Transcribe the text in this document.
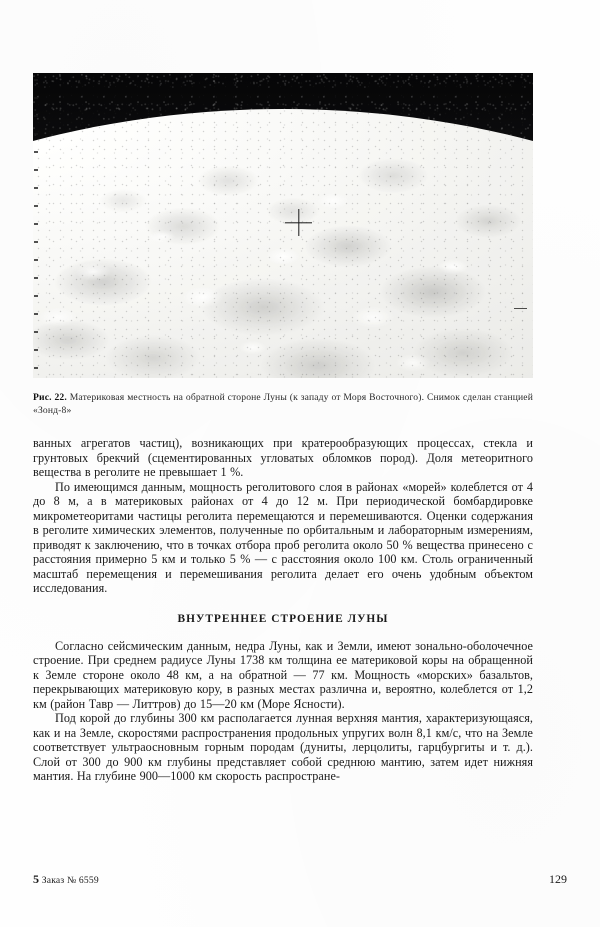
Рис. 22. Материковая местность на обратной стороне Луны (к западу от Моря Восточного). Снимок сделан станцией «Зонд-8»

ванных агрегатов частиц), возникающих при кратерообразующих процессах, стекла и грунтовых брекчий (сцементированных угловатых обломков пород). Доля метеоритного вещества в реголите не превышает 1 %.

По имеющимся данным, мощность реголитового слоя в районах «морей» колеблется от 4 до 8 м, а в материковых районах от 4 до 12 м. При периодической бомбардировке микрометеоритами частицы реголита перемещаются и перемешиваются. Оценки содержания в реголите химических элементов, полученные по орбитальным и лабораторным измерениям, приводят к заключению, что в точках отбора проб реголита около 50 % вещества принесено с расстояния примерно 5 км и только 5 % — с расстояния около 100 км. Столь ограниченный масштаб перемещения и перемешивания реголита делает его очень удобным объектом исследования.

ВНУТРЕННЕЕ СТРОЕНИЕ ЛУНЫ

Согласно сейсмическим данным, недра Луны, как и Земли, имеют зонально-оболочечное строение. При среднем радиусе Луны 1738 км толщина ее материковой коры на обращенной к Земле стороне около 48 км, а на обратной — 77 км. Мощность «морских» базальтов, перекрывающих материковую кору, в разных местах различна и, вероятно, колеблется от 1,2 км (район Тавр — Литтров) до 15—20 км (Море Ясности).

Под корой до глубины 300 км располагается лунная верхняя мантия, характеризующаяся, как и на Земле, скоростями распространения продольных упругих волн 8,1 км/с, что на Земле соответствует ультраосновным горным породам (дуниты, лерцолиты, гарцбургиты и т. д.). Слой от 300 до 900 км глубины представляет собой среднюю мантию, затем идет нижняя мантия. На глубине 900—1000 км скорость распростране-

5 Заказ № 6559	129
